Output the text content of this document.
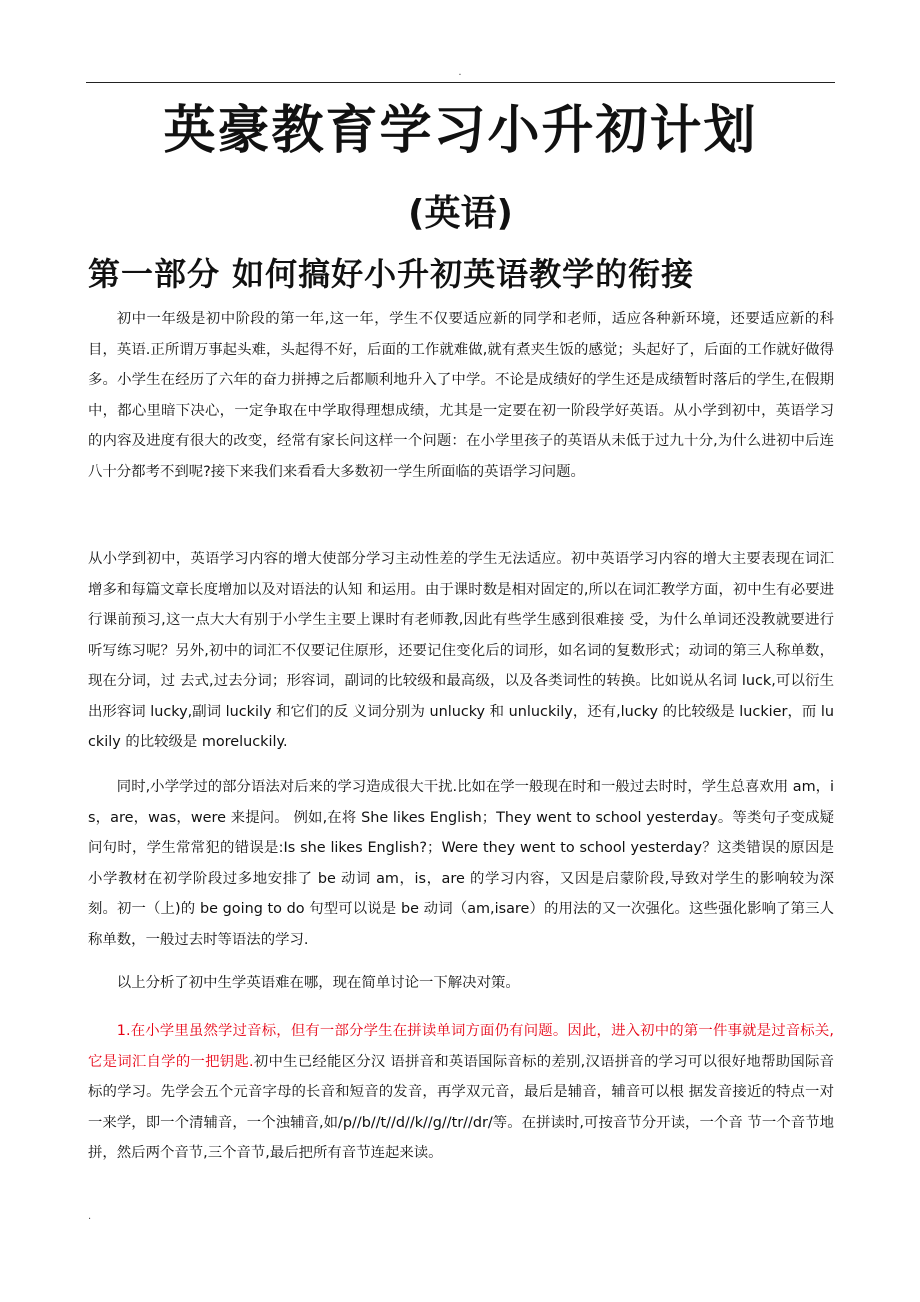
.
英豪教育学习小升初计划
(英语)
第一部分 如何搞好小升初英语教学的衔接

初中一年级是初中阶段的第一年,这一年，学生不仅要适应新的同学和老师，适应各种新环境，还要适应新的科目，英语.正所谓万事起头难，头起得不好，后面的工作就难做,就有煮夹生饭的感觉；头起好了，后面的工作就好做得多。小学生在经历了六年的奋力拼搏之后都顺利地升入了中学。不论是成绩好的学生还是成绩暂时落后的学生,在假期中，都心里暗下决心，一定争取在中学取得理想成绩，尤其是一定要在初一阶段学好英语。从小学到初中，英语学习的内容及进度有很大的改变，经常有家长问这样一个问题：在小学里孩子的英语从未低于过九十分,为什么进初中后连八十分都考不到呢?接下来我们来看看大多数初一学生所面临的英语学习问题。

从小学到初中，英语学习内容的增大使部分学习主动性差的学生无法适应。初中英语学习内容的增大主要表现在词汇增多和每篇文章长度增加以及对语法的认知 和运用。由于课时数是相对固定的,所以在词汇教学方面，初中生有必要进行课前预习,这一点大大有别于小学生主要上课时有老师教,因此有些学生感到很难接 受，为什么单词还没教就要进行听写练习呢？另外,初中的词汇不仅要记住原形，还要记住变化后的词形，如名词的复数形式；动词的第三人称单数，现在分词，过 去式,过去分词；形容词，副词的比较级和最高级，以及各类词性的转换。比如说从名词 luck,可以衍生出形容词 lucky,副词 luckily 和它们的反 义词分别为 unlucky 和 unluckily，还有,lucky 的比较级是 luckier，而 luckily 的比较级是 moreluckily.

同时,小学学过的部分语法对后来的学习造成很大干扰.比如在学一般现在时和一般过去时时，学生总喜欢用 am，is，are，was，were 来提问。 例如,在将 She likes English；They went to school yesterday。等类句子变成疑问句时，学生常常犯的错误是:Is she likes English?；Were they went to school yesterday？这类错误的原因是小学教材在初学阶段过多地安排了 be 动词 am，is，are 的学习内容，又因是启蒙阶段,导致对学生的影响较为深 刻。初一（上)的 be going to do 句型可以说是 be 动词（am,isare）的用法的又一次强化。这些强化影响了第三人称单数，一般过去时等语法的学习.

以上分析了初中生学英语难在哪，现在简单讨论一下解决对策。

1.在小学里虽然学过音标，但有一部分学生在拼读单词方面仍有问题。因此，进入初中的第一件事就是过音标关,它是词汇自学的一把钥匙.初中生已经能区分汉 语拼音和英语国际音标的差别,汉语拼音的学习可以很好地帮助国际音标的学习。先学会五个元音字母的长音和短音的发音，再学双元音，最后是辅音，辅音可以根 据发音接近的特点一对一来学，即一个清辅音，一个浊辅音,如/p//b//t//d//k//g//tr//dr/等。在拼读时,可按音节分开读，一个音 节一个音节地拼，然后两个音节,三个音节,最后把所有音节连起来读。

.
